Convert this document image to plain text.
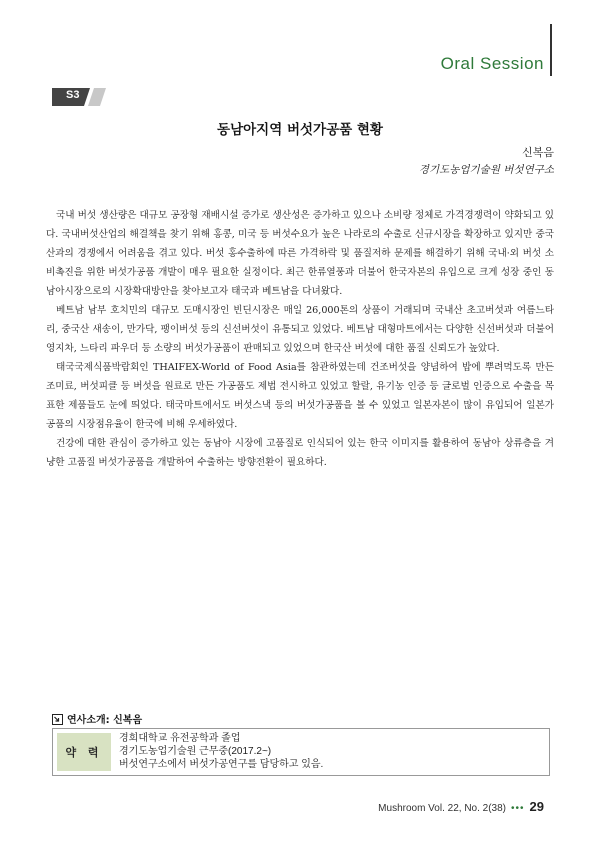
Oral Session
S3
동남아지역 버섯가공품 현황
신복음
경기도농업기술원 버섯연구소

국내 버섯 생산량은 대규모 공장형 재배시설 증가로 생산성은 증가하고 있으나 소비량 정체로 가격경쟁력이 약화되고 있다. 국내버섯산업의 해결책을 찾기 위해 홍콩, 미국 등 버섯수요가 높은 나라로의 수출로 신규시장을 확장하고 있지만 중국산과의 경쟁에서 어려움을 겪고 있다. 버섯 홍수출하에 따른 가격하락 및 품질저하 문제를 해결하기 위해 국내·외 버섯 소비촉진을 위한 버섯가공품 개발이 매우 필요한 실정이다. 최근 한류열풍과 더불어 한국자본의 유입으로 크게 성장 중인 동남아시장으로의 시장확대방안을 찾아보고자 태국과 베트남을 다녀왔다.

베트남 남부 호치민의 대규모 도매시장인 빈딘시장은 매일 26,000톤의 상품이 거래되며 국내산 초고버섯과 여름느타리, 중국산 새송이, 만가닥, 팽이버섯 등의 신선버섯이 유통되고 있었다. 베트남 대형마트에서는 다양한 신선버섯과 더불어 영지차, 느타리 파우더 등 소량의 버섯가공품이 판매되고 있었으며 한국산 버섯에 대한 품질 신뢰도가 높았다.

태국국제식품박람회인 THAIFEX-World of Food Asia를 참관하였는데 건조버섯을 양념하여 밥에 뿌려먹도록 만든 조미료, 버섯피클 등 버섯을 원료로 만든 가공품도 제법 전시하고 있었고 할랄, 유기농 인증 등 글로벌 인증으로 수출을 목표한 제품들도 눈에 띄었다. 태국마트에서도 버섯스낵 등의 버섯가공품을 볼 수 있었고 일본자본이 많이 유입되어 일본가공품의 시장점유율이 한국에 비해 우세하였다.

건강에 대한 관심이 증가하고 있는 동남아 시장에 고품질로 인식되어 있는 한국 이미지를 활용하여 동남아 상류층을 겨냥한 고품질 버섯가공품을 개발하여 수출하는 방향전환이 필요하다.

연사소개: 신복음
약 력
경희대학교 유전공학과 졸업
경기도농업기술원 근무중(2017.2~)
버섯연구소에서 버섯가공연구를 담당하고 있음.
Mushroom Vol. 22, No. 2(38) ••• 29
